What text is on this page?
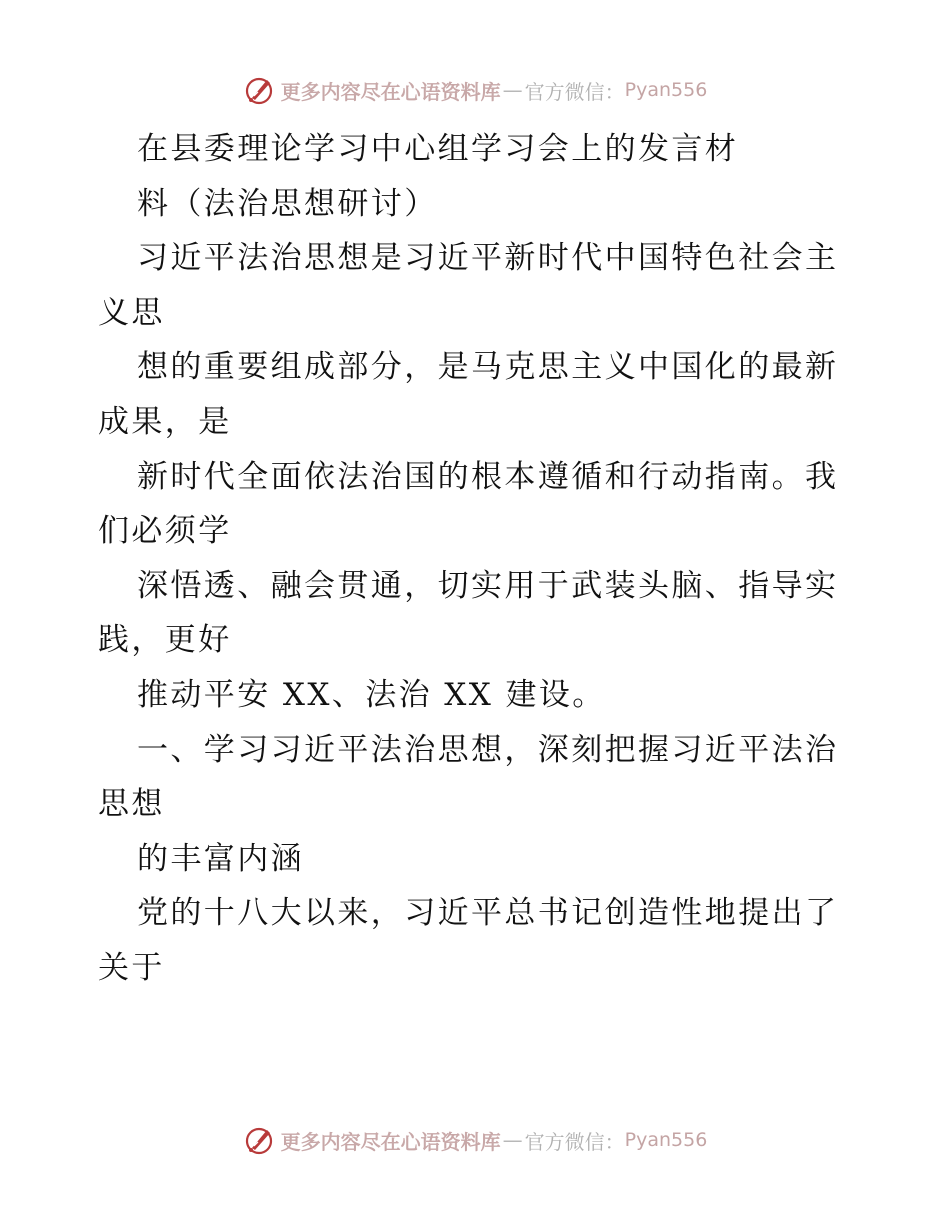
更多内容尽在心语资料库 — 官方微信： Pyan556
在县委理论学习中心组学习会上的发言材
料（法治思想研讨）
习近平法治思想是习近平新时代中国特色社会主
义思
想的重要组成部分，是马克思主义中国化的最新
成果，是
新时代全面依法治国的根本遵循和行动指南。我
们必须学
深悟透、融会贯通，切实用于武装头脑、指导实
践，更好
推动平安 XX、法治 XX 建设。
一、学习习近平法治思想，深刻把握习近平法治
思想
的丰富内涵
党的十八大以来，习近平总书记创造性地提出了
关于
更多内容尽在心语资料库 — 官方微信： Pyan556
